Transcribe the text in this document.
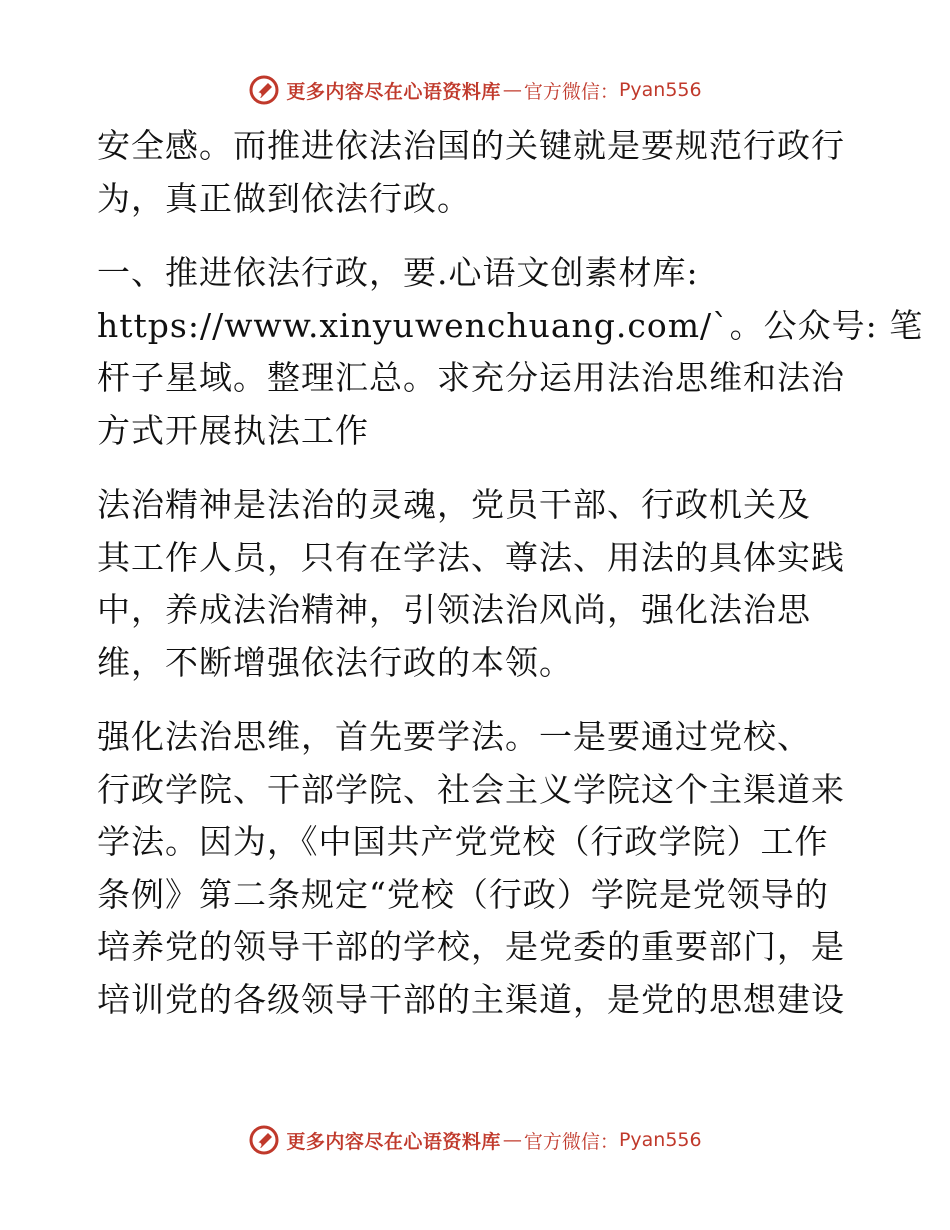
更多内容尽在心语资料库 — 官方微信： Pyan556

安全感。而推进依法治国的关键就是要规范行政行
为，真正做到依法行政。

一、推进依法行政，要.心语文创素材库:
https://www.xinyuwenchuang.com/`。公众号: 笔
杆子星域。整理汇总。求充分运用法治思维和法治
方式开展执法工作

法治精神是法治的灵魂，党员干部、行政机关及
其工作人员，只有在学法、尊法、用法的具体实践
中，养成法治精神，引领法治风尚，强化法治思
维，不断增强依法行政的本领。

强化法治思维，首先要学法。一是要通过党校、
行政学院、干部学院、社会主义学院这个主渠道来
学法。因为，《中国共产党党校（行政学院）工作
条例》第二条规定“党校（行政）学院是党领导的
培养党的领导干部的学校，是党委的重要部门，是
培训党的各级领导干部的主渠道，是党的思想建设

更多内容尽在心语资料库 — 官方微信： Pyan556
